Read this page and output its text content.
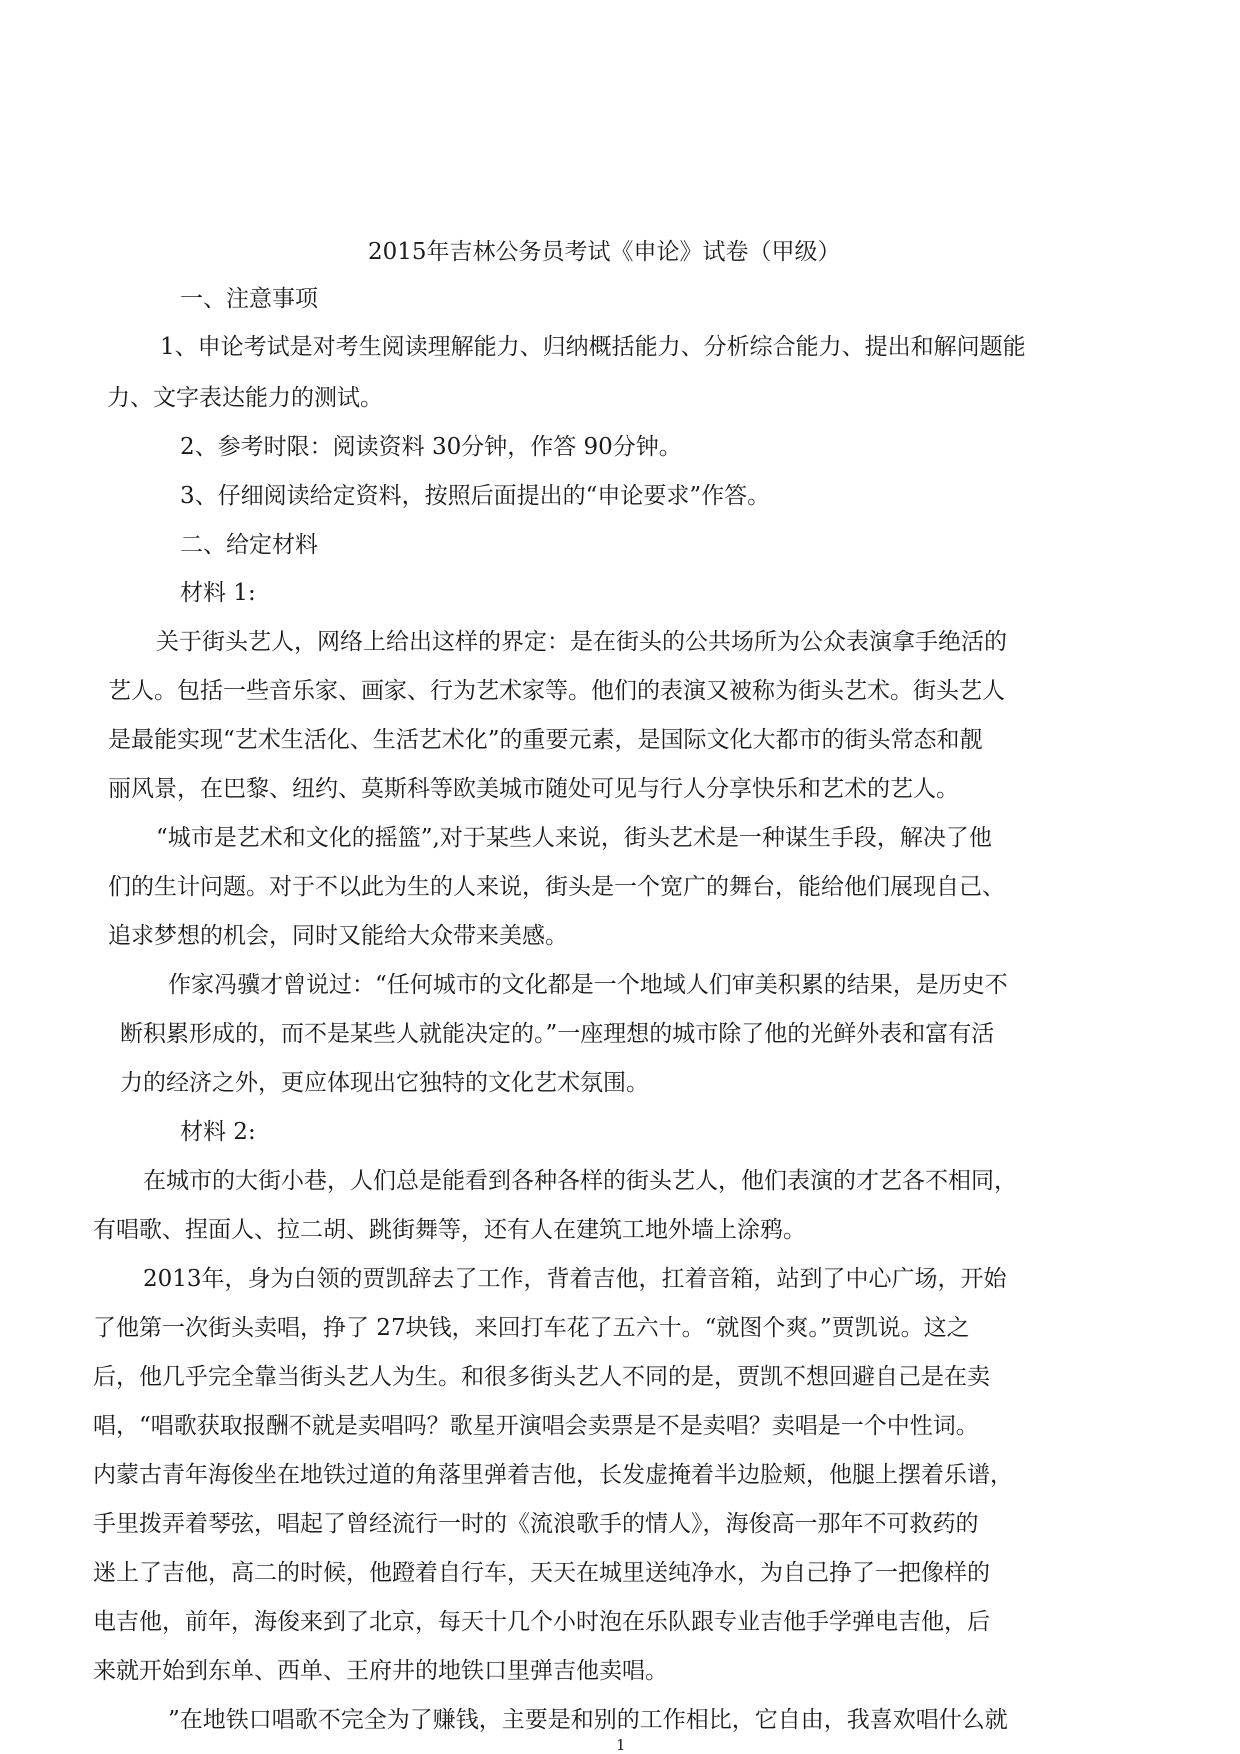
2015年吉林公务员考试《申论》试卷（甲级）

一、注意事项

1、申论考试是对考生阅读理解能力、归纳概括能力、分析综合能力、提出和解问题能

力、文字表达能力的测试。

2、参考时限：阅读资料 30分钟，作答 90分钟。

3、仔细阅读给定资料，按照后面提出的“申论要求”作答。

二、给定材料

材料 1:

关于街头艺人，网络上给出这样的界定：是在街头的公共场所为公众表演拿手绝活的

艺人。包括一些音乐家、画家、行为艺术家等。他们的表演又被称为街头艺术。街头艺人

是最能实现“艺术生活化、生活艺术化”的重要元素，是国际文化大都市的街头常态和靓

丽风景，在巴黎、纽约、莫斯科等欧美城市随处可见与行人分享快乐和艺术的艺人。

“城市是艺术和文化的摇篮”,对于某些人来说，街头艺术是一种谋生手段，解决了他

们的生计问题。对于不以此为生的人来说，街头是一个宽广的舞台，能给他们展现自己、

追求梦想的机会，同时又能给大众带来美感。

作家冯骥才曾说过：“任何城市的文化都是一个地域人们审美积累的结果，是历史不

断积累形成的，而不是某些人就能决定的。”一座理想的城市除了他的光鲜外表和富有活

力的经济之外，更应体现出它独特的文化艺术氛围。

材料 2:

在城市的大街小巷，人们总是能看到各种各样的街头艺人，他们表演的才艺各不相同，

有唱歌、捏面人、拉二胡、跳街舞等，还有人在建筑工地外墙上涂鸦。

2013年，身为白领的贾凯辞去了工作，背着吉他，扛着音箱，站到了中心广场，开始

了他第一次街头卖唱，挣了 27块钱，来回打车花了五六十。“就图个爽。”贾凯说。这之

后，他几乎完全靠当街头艺人为生。和很多街头艺人不同的是，贾凯不想回避自己是在卖

唱，“唱歌获取报酬不就是卖唱吗？歌星开演唱会卖票是不是卖唱？卖唱是一个中性词。

内蒙古青年海俊坐在地铁过道的角落里弹着吉他，长发虚掩着半边脸颊，他腿上摆着乐谱，

手里拨弄着琴弦，唱起了曾经流行一时的《流浪歌手的情人》，海俊高一那年不可救药的

迷上了吉他，高二的时候，他蹬着自行车，天天在城里送纯净水，为自己挣了一把像样的

电吉他，前年，海俊来到了北京，每天十几个小时泡在乐队跟专业吉他手学弹电吉他，后

来就开始到东单、西单、王府井的地铁口里弹吉他卖唱。

”在地铁口唱歌不完全为了赚钱，主要是和别的工作相比，它自由，我喜欢唱什么就

1
